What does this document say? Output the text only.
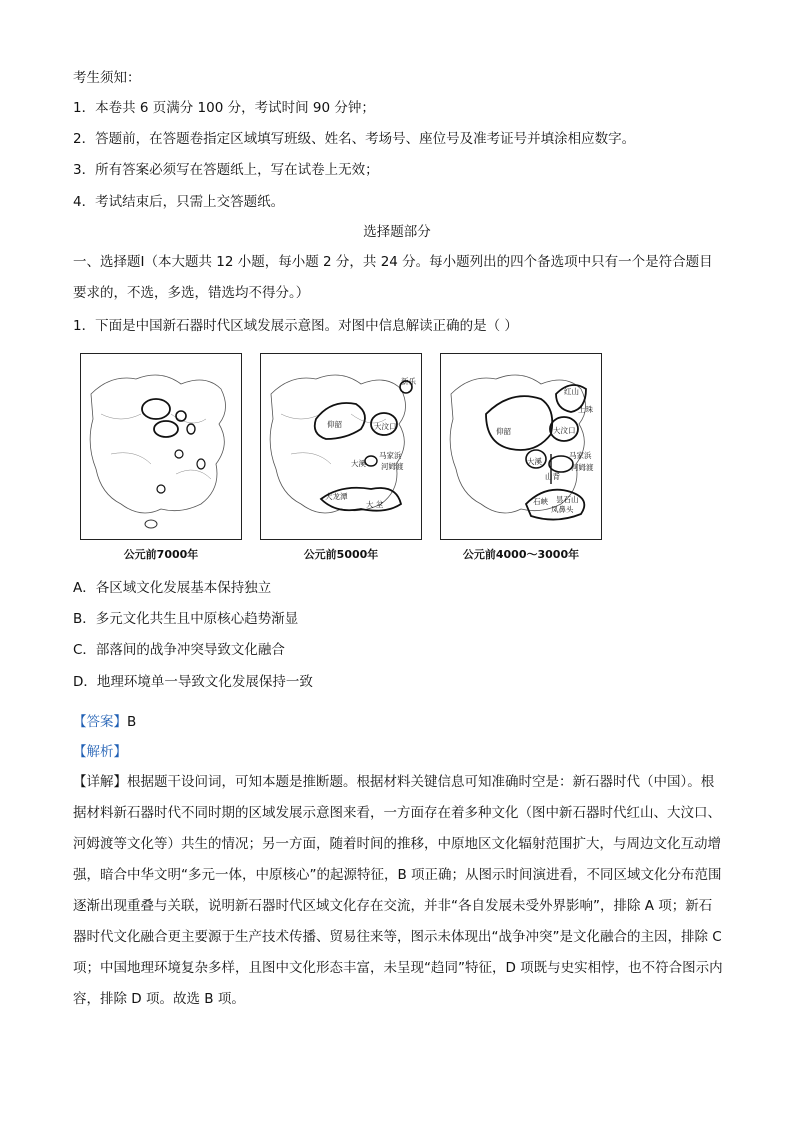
考生须知：
1．本卷共 6 页满分 100 分，考试时间 90 分钟；
2．答题前，在答题卷指定区域填写班级、姓名、考场号、座位号及准考证号并填涂相应数字。
3．所有答案必须写在答题纸上，写在试卷上无效；
4．考试结束后，只需上交答题纸。
选择题部分
一、选择题Ⅰ（本大题共 12 小题，每小题 2 分，共 24 分。每小题列出的四个备选项中只有一个是符合题目要求的，不选，多选，错选均不得分。）
1．下面是中国新石器时代区域发展示意图。对图中信息解读正确的是（ ）
公元前7000年
新乐
仰韶	大汶口
大溪
马家浜
河姆渡
大龙潭
大 坌
公元前5000年
红山
仰韶	大汶口
土珠
大溪
马家浜
河姆渡
山背
石峡 昙石山
凤鼻头
公元前4000～3000年
A．各区域文化发展基本保持独立
B．多元文化共生且中原核心趋势渐显
C．部落间的战争冲突导致文化融合
D．地理环境单一导致文化发展保持一致
【答案】B
【解析】
【详解】根据题干设问词，可知本题是推断题。根据材料关键信息可知准确时空是：新石器时代（中国）。根据材料新石器时代不同时期的区域发展示意图来看，一方面存在着多种文化（图中新石器时代红山、大汶口、河姆渡等文化等）共生的情况；另一方面，随着时间的推移，中原地区文化辐射范围扩大，与周边文化互动增强，暗合中华文明“多元一体，中原核心”的起源特征，B 项正确；从图示时间演进看，不同区域文化分布范围逐渐出现重叠与关联，说明新石器时代区域文化存在交流，并非“各自发展未受外界影响”，排除 A 项；新石器时代文化融合更主要源于生产技术传播、贸易往来等，图示未体现出“战争冲突”是文化融合的主因，排除 C 项；中国地理环境复杂多样，且图中文化形态丰富，未呈现“趋同”特征，D 项既与史实相悖，也不符合图示内容，排除 D 项。故选 B 项。
